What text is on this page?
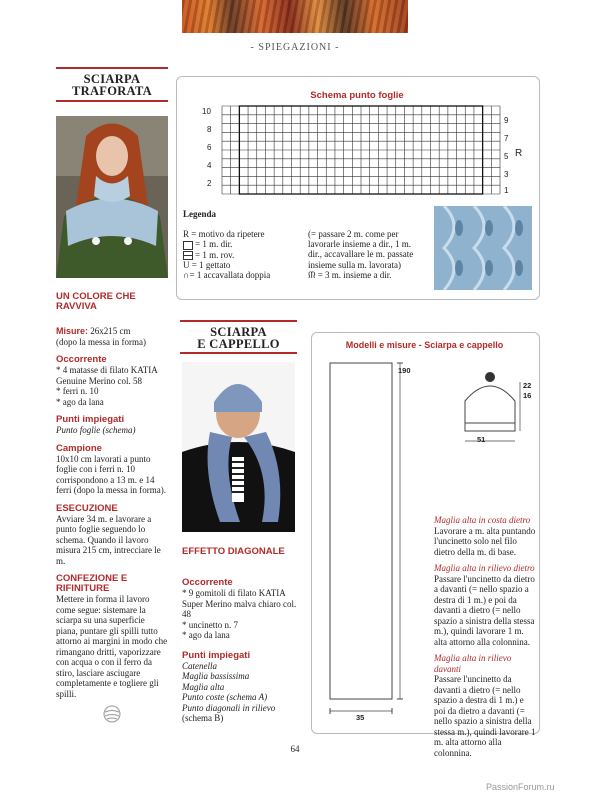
- SPIEGAZIONI -
SCIARPA
TRAFORATA
UN COLORE CHE RAVVIVA
Misure: 26x215 cm
(dopo la messa in forma)
Occorrente
* 4 matasse di filato KATIA Genuine Merino col. 58
* ferri n. 10
* ago da lana
Punti impiegati
Punto foglie (schema)
Campione
10x10 cm lavorati a punto foglie con i ferri n. 10 corrispondono a 13 m. e 14 ferri (dopo la messa in forma).
ESECUZIONE
Avviare 34 m. e lavorare a punto foglie seguendo lo schema. Quando il lavoro misura 215 cm, intrecciare le m.
CONFEZIONE E RIFINITURE
Mettere in forma il lavoro come segue: sistemare la sciarpa su una superficie piana, puntare gli spilli tutto attorno ai margini in modo che rimangano dritti, vaporizzare con acqua o con il ferro da stiro, lasciare asciugare completamente e togliere gli spilli.
Schema punto foglie
10
8
6
4
2
9
7
5
3
1
R
Legenda
R = motivo da ripetere
= 1 m. dir.
= 1 m. rov.
U = 1 gettato
∩= 1 accavallata doppia
(= passare 2 m. come per lavorarle insieme a dir., 1 m. dir., accavallare le m. passate insieme sulla m. lavorata)
ᙏ = 3 m. insieme a dir.
SCIARPA
E CAPPELLO
EFFETTO DIAGONALE
Occorrente
* 9 gomitoli di filato KATIA Super Merino malva chiaro col. 48
* uncinetto n. 7
* ago da lana
Punti impiegati
Catenella
Maglia bassissima
Maglia alta
Punto coste (schema A)
Punto diagonali in rilievo
(schema B)
Modelli e misure - Sciarpa e cappello
190
35
22
16
51
Maglia alta in costa dietro
Lavorare a m. alta puntando l'uncinetto solo nel filo dietro della m. di base.
Maglia alta in rilievo dietro
Passare l'uncinetto da dietro a davanti (= nello spazio a destra di 1 m.) e poi da davanti a dietro (= nello spazio a sinistra della stessa m.), quindi lavorare 1 m. alta attorno alla colonnina.
Maglia alta in rilievo davanti
Passare l'uncinetto da davanti a dietro (= nello spazio a destra di 1 m.) e poi da dietro a davanti (= nello spazio a sinistra della stessa m.), quindi lavorare 1 m. alta attorno alla colonnina.
64
PassionForum.ru
